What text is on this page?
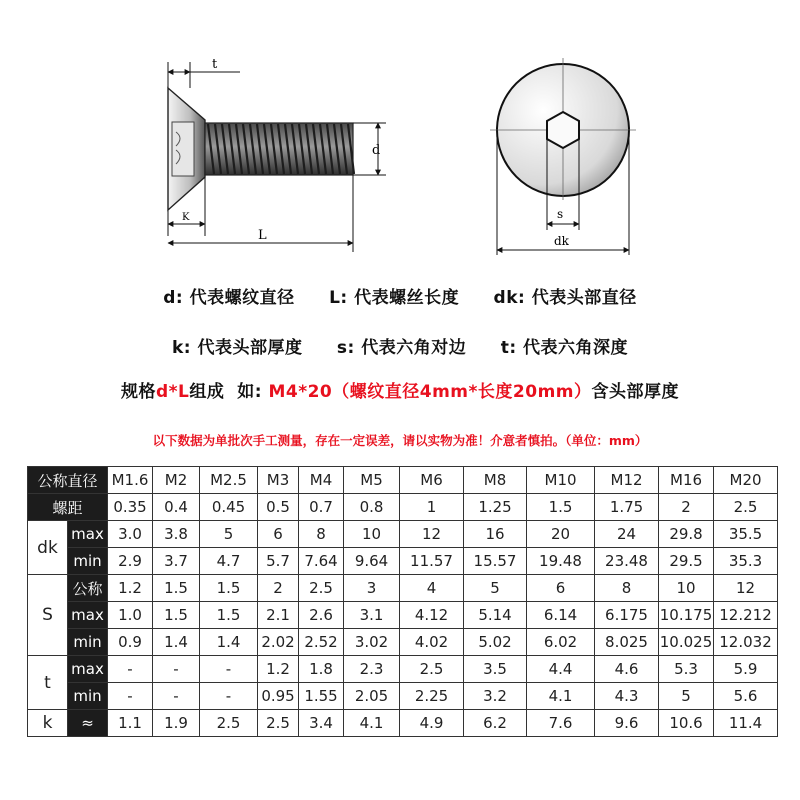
t
d
K
L
s
dk
d: 代表螺纹直径 L: 代表螺丝长度 dk: 代表头部直径
k: 代表头部厚度 s: 代表六角对边 t: 代表六角深度
规格d*L组成  如: M4*20（螺纹直径4mm*长度20mm）含头部厚度
以下数据为单批次手工测量，存在一定误差，请以实物为准！介意者慎拍。（单位：mm）
公称直径		M1.6	M2	M2.5	M3	M4	M5	M6	M8	M10	M12	M16	M20
螺距		0.35	0.4	0.45	0.5	0.7	0.8	1	1.25	1.5	1.75	2	2.5
dk	max	3.0	3.8	5	6	8	10	12	16	20	24	29.8	35.5
	min	2.9	3.7	4.7	5.7	7.64	9.64	11.57	15.57	19.48	23.48	29.5	35.3
S	公称	1.2	1.5	1.5	2	2.5	3	4	5	6	8	10	12
	max	1.0	1.5	1.5	2.1	2.6	3.1	4.12	5.14	6.14	6.175	10.175	12.212
	min	0.9	1.4	1.4	2.02	2.52	3.02	4.02	5.02	6.02	8.025	10.025	12.032
t	max	-	-	-	1.2	1.8	2.3	2.5	3.5	4.4	4.6	5.3	5.9
	min	-	-	-	0.95	1.55	2.05	2.25	3.2	4.1	4.3	5	5.6
k	≈	1.1	1.9	2.5	2.5	3.4	4.1	4.9	6.2	7.6	9.6	10.6	11.4
